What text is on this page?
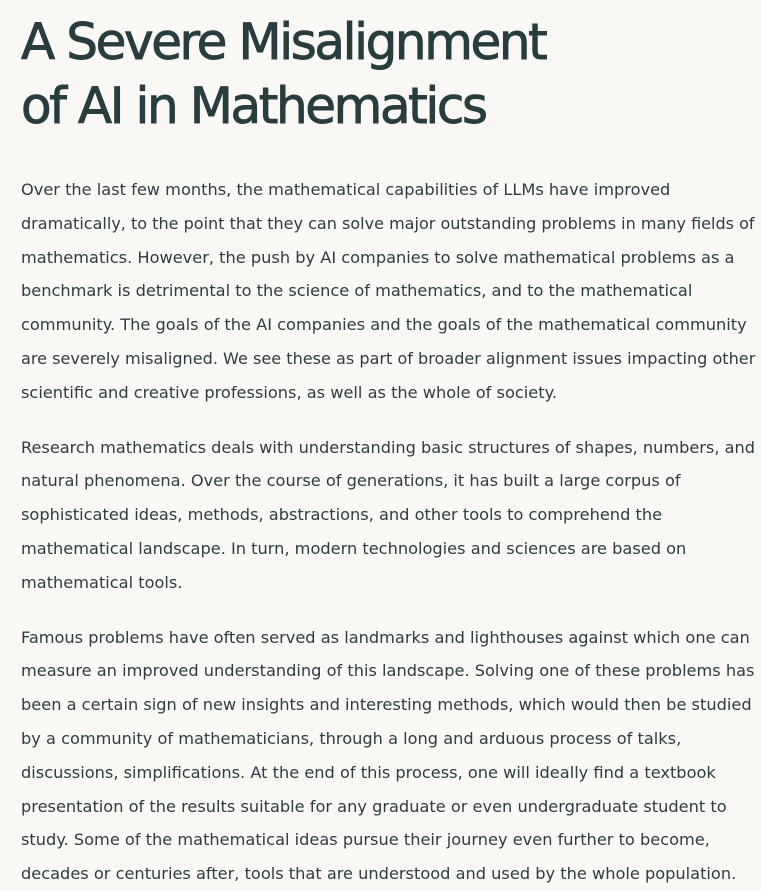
A Severe Misalignment
of AI in Mathematics

Over the last few months, the mathematical capabilities of LLMs have improved
dramatically, to the point that they can solve major outstanding problems in many fields of
mathematics. However, the push by AI companies to solve mathematical problems as a
benchmark is detrimental to the science of mathematics, and to the mathematical
community. The goals of the AI companies and the goals of the mathematical community
are severely misaligned. We see these as part of broader alignment issues impacting other
scientific and creative professions, as well as the whole of society.

Research mathematics deals with understanding basic structures of shapes, numbers, and
natural phenomena. Over the course of generations, it has built a large corpus of
sophisticated ideas, methods, abstractions, and other tools to comprehend the
mathematical landscape. In turn, modern technologies and sciences are based on
mathematical tools.

Famous problems have often served as landmarks and lighthouses against which one can
measure an improved understanding of this landscape. Solving one of these problems has
been a certain sign of new insights and interesting methods, which would then be studied
by a community of mathematicians, through a long and arduous process of talks,
discussions, simplifications. At the end of this process, one will ideally find a textbook
presentation of the results suitable for any graduate or even undergraduate student to
study. Some of the mathematical ideas pursue their journey even further to become,
decades or centuries after, tools that are understood and used by the whole population.
